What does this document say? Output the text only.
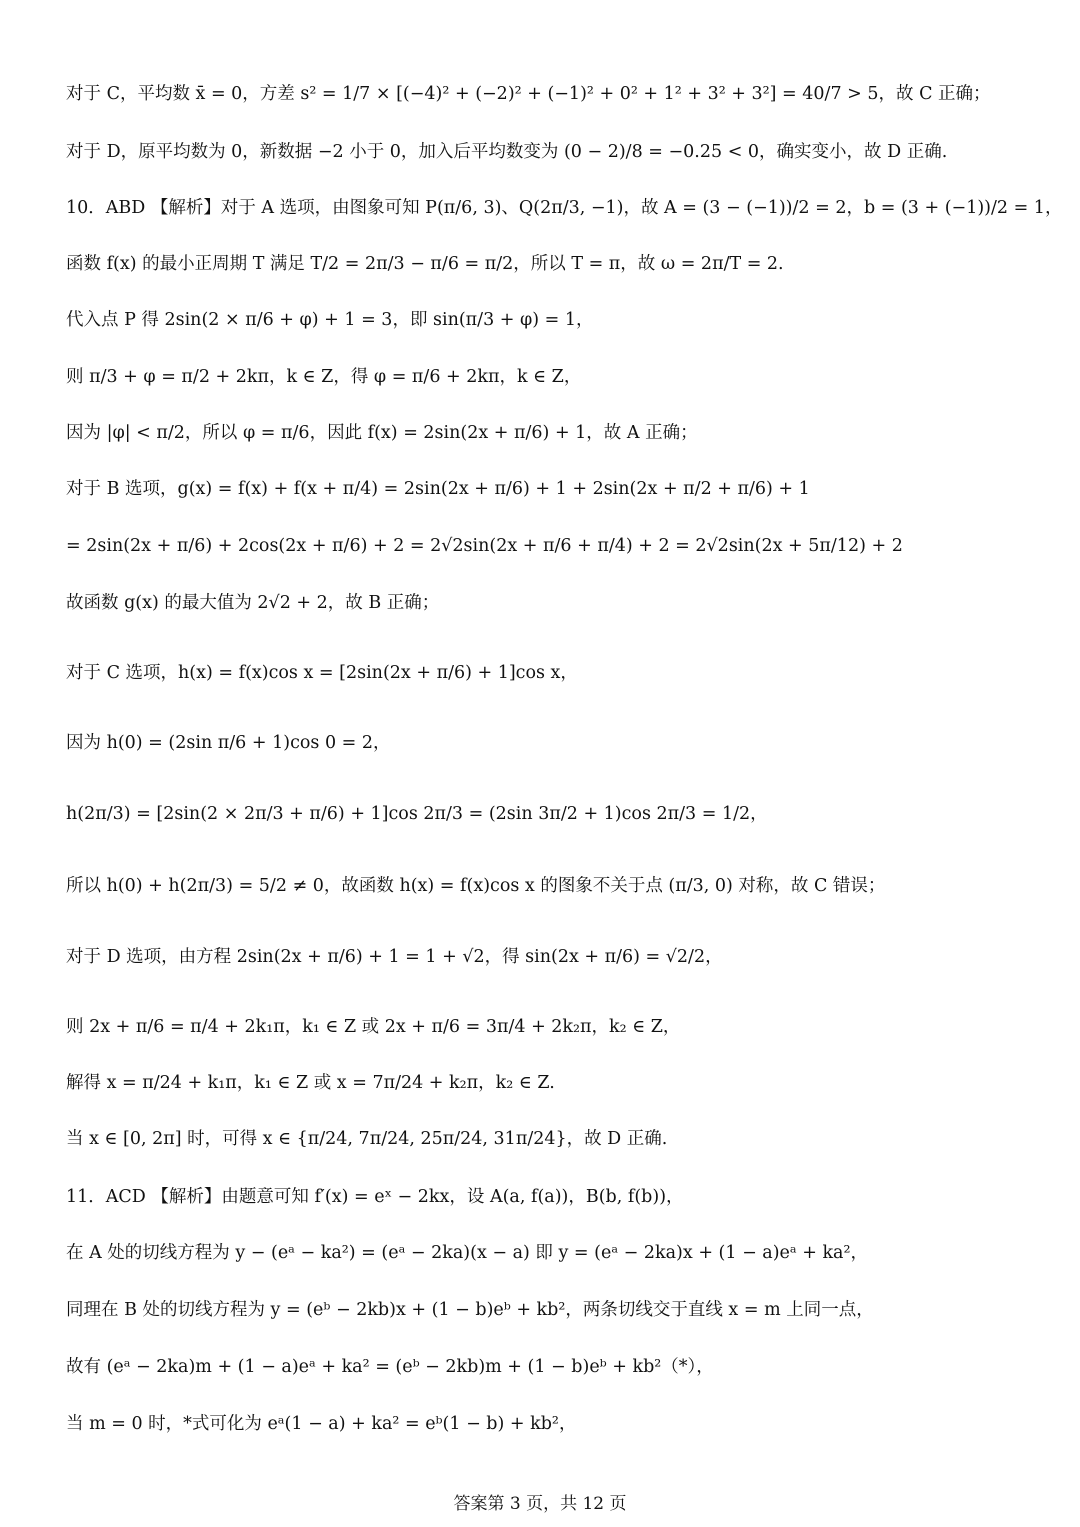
对于 C，平均数 x̄ = 0，方差 s² = 1/7 × [(−4)² + (−2)² + (−1)² + 0² + 1² + 3² + 3²] = 40/7 > 5，故 C 正确；
对于 D，原平均数为 0，新数据 −2 小于 0，加入后平均数变为 (0 − 2)/8 = −0.25 < 0，确实变小，故 D 正确.
10．ABD 【解析】对于 A 选项，由图象可知 P(π/6, 3)、Q(2π/3, −1)，故 A = (3 − (−1))/2 = 2，b = (3 + (−1))/2 = 1，
函数 f(x) 的最小正周期 T 满足 T/2 = 2π/3 − π/6 = π/2，所以 T = π，故 ω = 2π/T = 2.
代入点 P 得 2sin(2 × π/6 + φ) + 1 = 3，即 sin(π/3 + φ) = 1，
则 π/3 + φ = π/2 + 2kπ，k ∈ Z，得 φ = π/6 + 2kπ，k ∈ Z，
因为 |φ| < π/2，所以 φ = π/6，因此 f(x) = 2sin(2x + π/6) + 1，故 A 正确；
对于 B 选项，g(x) = f(x) + f(x + π/4) = 2sin(2x + π/6) + 1 + 2sin(2x + π/2 + π/6) + 1
= 2sin(2x + π/6) + 2cos(2x + π/6) + 2 = 2√2sin(2x + π/6 + π/4) + 2 = 2√2sin(2x + 5π/12) + 2
故函数 g(x) 的最大值为 2√2 + 2，故 B 正确；
对于 C 选项，h(x) = f(x)cos x = [2sin(2x + π/6) + 1]cos x，
因为 h(0) = (2sin π/6 + 1)cos 0 = 2，
h(2π/3) = [2sin(2 × 2π/3 + π/6) + 1]cos 2π/3 = (2sin 3π/2 + 1)cos 2π/3 = 1/2，
所以 h(0) + h(2π/3) = 5/2 ≠ 0，故函数 h(x) = f(x)cos x 的图象不关于点 (π/3, 0) 对称，故 C 错误；
对于 D 选项，由方程 2sin(2x + π/6) + 1 = 1 + √2，得 sin(2x + π/6) = √2/2，
则 2x + π/6 = π/4 + 2k₁π，k₁ ∈ Z 或 2x + π/6 = 3π/4 + 2k₂π，k₂ ∈ Z，
解得 x = π/24 + k₁π，k₁ ∈ Z 或 x = 7π/24 + k₂π，k₂ ∈ Z.
当 x ∈ [0, 2π] 时，可得 x ∈ {π/24, 7π/24, 25π/24, 31π/24}，故 D 正确.
11．ACD 【解析】由题意可知 f′(x) = eˣ − 2kx，设 A(a, f(a))，B(b, f(b))，
在 A 处的切线方程为 y − (eᵃ − ka²) = (eᵃ − 2ka)(x − a) 即 y = (eᵃ − 2ka)x + (1 − a)eᵃ + ka²，
同理在 B 处的切线方程为 y = (eᵇ − 2kb)x + (1 − b)eᵇ + kb²，两条切线交于直线 x = m 上同一点，
故有 (eᵃ − 2ka)m + (1 − a)eᵃ + ka² = (eᵇ − 2kb)m + (1 − b)eᵇ + kb²（*），
当 m = 0 时，*式可化为 eᵃ(1 − a) + ka² = eᵇ(1 − b) + kb²，
答案第 3 页，共 12 页
